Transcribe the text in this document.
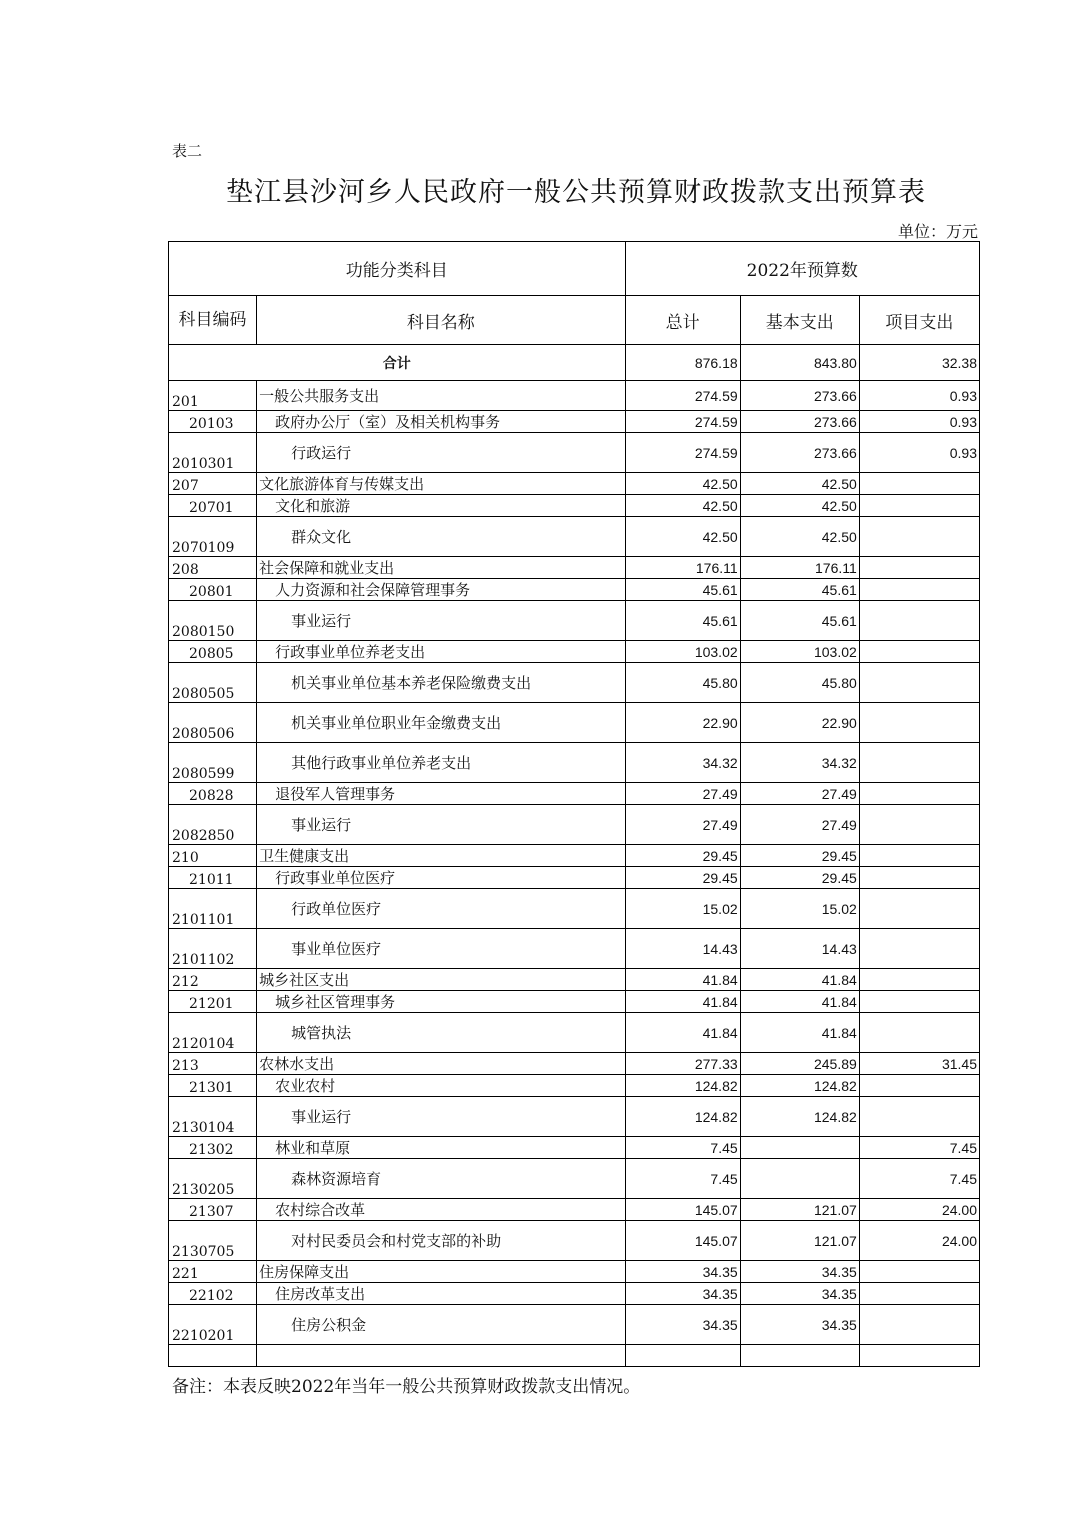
表二
垫江县沙河乡人民政府一般公共预算财政拨款支出预算表
单位：万元
功能分类科目		2022年预算数		
科目编码	科目名称	总计	基本支出	项目支出
合计		876.18	843.80	32.38
201	一般公共服务支出	274.59	273.66	0.93
20103	政府办公厅（室）及相关机构事务	274.59	273.66	0.93
2010301	行政运行	274.59	273.66	0.93
207	文化旅游体育与传媒支出	42.50	42.50	
20701	文化和旅游	42.50	42.50	
2070109	群众文化	42.50	42.50	
208	社会保障和就业支出	176.11	176.11	
20801	人力资源和社会保障管理事务	45.61	45.61	
2080150	事业运行	45.61	45.61	
20805	行政事业单位养老支出	103.02	103.02	
2080505	机关事业单位基本养老保险缴费支出	45.80	45.80	
2080506	机关事业单位职业年金缴费支出	22.90	22.90	
2080599	其他行政事业单位养老支出	34.32	34.32	
20828	退役军人管理事务	27.49	27.49	
2082850	事业运行	27.49	27.49	
210	卫生健康支出	29.45	29.45	
21011	行政事业单位医疗	29.45	29.45	
2101101	行政单位医疗	15.02	15.02	
2101102	事业单位医疗	14.43	14.43	
212	城乡社区支出	41.84	41.84	
21201	城乡社区管理事务	41.84	41.84	
2120104	城管执法	41.84	41.84	
213	农林水支出	277.33	245.89	31.45
21301	农业农村	124.82	124.82	
2130104	事业运行	124.82	124.82	
21302	林业和草原	7.45		7.45
2130205	森林资源培育	7.45		7.45
21307	农村综合改革	145.07	121.07	24.00
2130705	对村民委员会和村党支部的补助	145.07	121.07	24.00
221	住房保障支出	34.35	34.35	
22102	住房改革支出	34.35	34.35	
2210201	住房公积金	34.35	34.35	

备注：本表反映2022年当年一般公共预算财政拨款支出情况。
